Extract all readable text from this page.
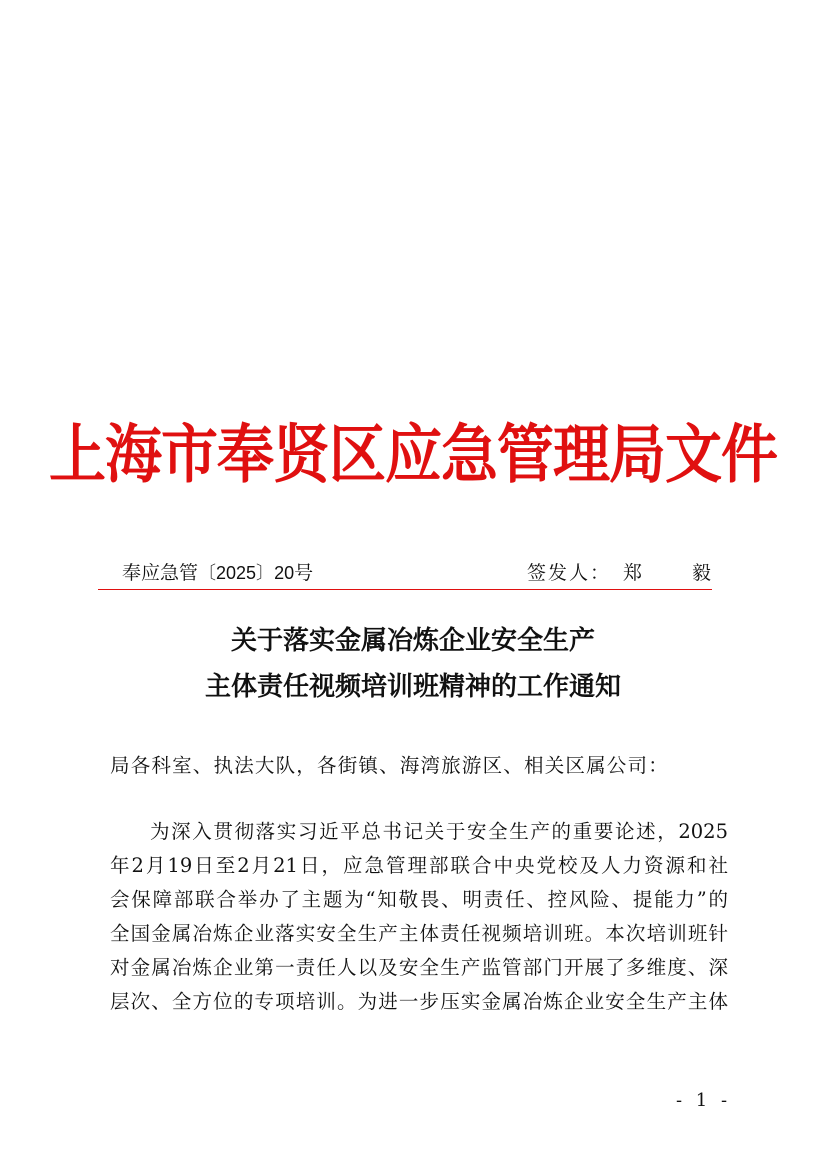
上海市奉贤区应急管理局文件
奉应急管〔2025〕20号	签发人： 郑 毅
关于落实金属冶炼企业安全生产
主体责任视频培训班精神的工作通知
局各科室、执法大队，各街镇、海湾旅游区、相关区属公司：
为深入贯彻落实习近平总书记关于安全生产的重要论述，2025
年2月19日至2月21日，应急管理部联合中央党校及人力资源和社
会保障部联合举办了主题为“知敬畏、明责任、控风险、提能力”的
全国金属冶炼企业落实安全生产主体责任视频培训班。本次培训班针
对金属冶炼企业第一责任人以及安全生产监管部门开展了多维度、深
层次、全方位的专项培训。为进一步压实金属冶炼企业安全生产主体
- 1 -
